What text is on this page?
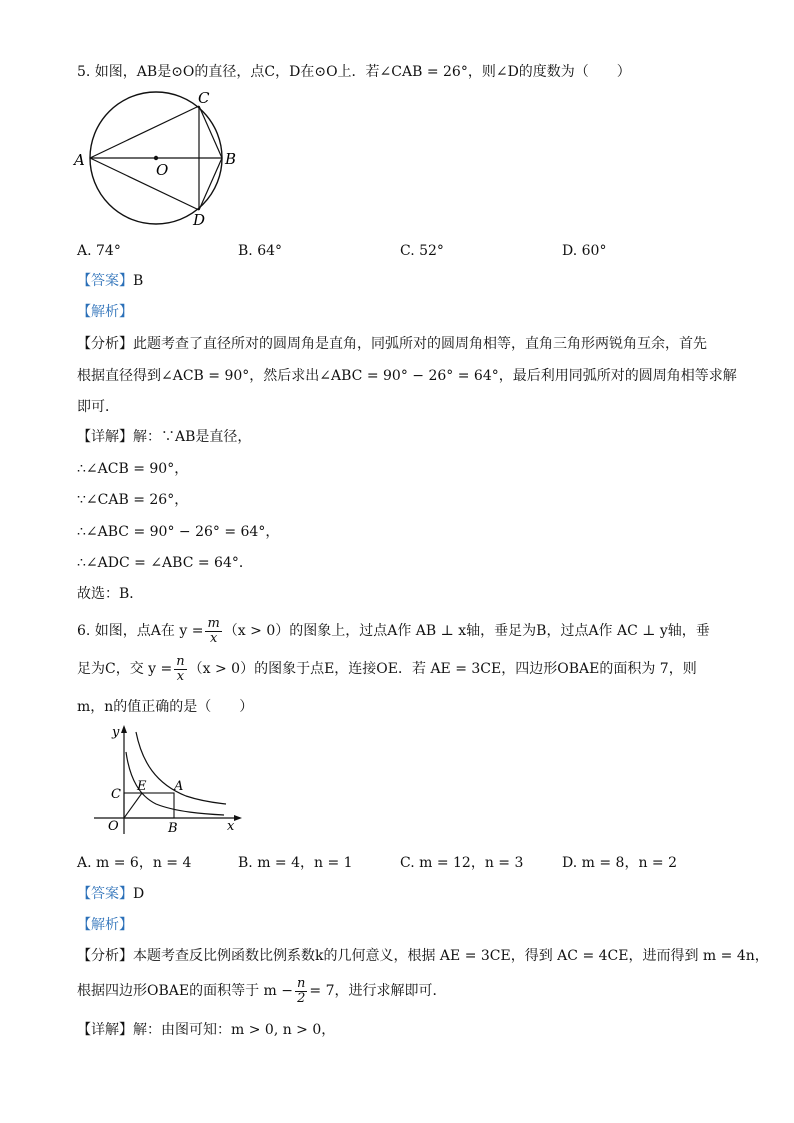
5. 如图，AB是⊙O的直径，点C，D在⊙O上．若∠CAB = 26°，则∠D的度数为（　　）
A	B
C
D
O
A. 74°	B. 64°	C. 52°	D. 60°
【答案】B
【解析】
【分析】此题考查了直径所对的圆周角是直角，同弧所对的圆周角相等，直角三角形两锐角互余，首先
根据直径得到∠ACB = 90°，然后求出∠ABC = 90° − 26° = 64°，最后利用同弧所对的圆周角相等求解
即可．
【详解】解：∵AB是直径，
∴∠ACB = 90°，
∵∠CAB = 26°，
∴∠ABC = 90° − 26° = 64°，
∴∠ADC = ∠ABC = 64°．
故选：B．
6. 如图，点A在 $y = \frac{m}{x} (x > 0)$的图象上，过点A作 AB ⊥ x轴，垂足为B，过点A作 AC ⊥ y轴，垂
足为C，交 $y = \frac{n}{x} (x > 0)$的图象于点E，连接OE．若 AE = 3CE，四边形OBAE的面积为 7，则
m，n的值正确的是（　　）
y
x
O	B
C
E A
A. m = 6，n = 4	B. m = 4，n = 1	C. m = 12，n = 3	D. m = 8，n = 2
【答案】D
【解析】
【分析】本题考查反比例函数比例系数k的几何意义，根据 AE = 3CE，得到 AC = 4CE，进而得到 m = 4n，
根据四边形OBAE的面积等于 $m - \frac{n}{2} = 7$，进行求解即可．
【详解】解：由图可知：m > 0, n > 0，
